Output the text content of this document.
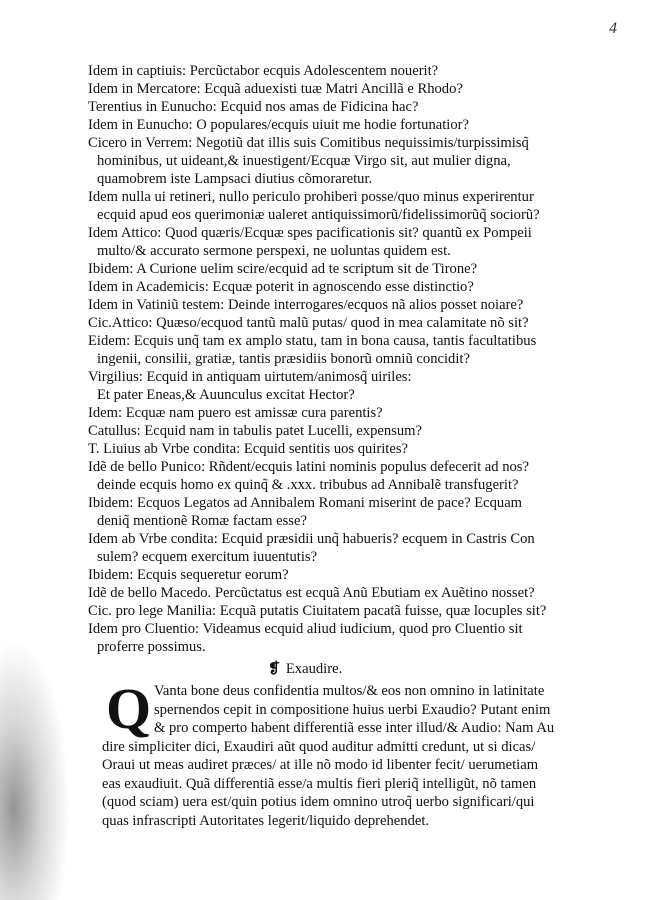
4
Idem in captiuis: Percũctabor ecquis Adolescentem nouerit?
Idem in Mercatore: Ecquã aduexisti tuæ Matri Ancillã e Rhodo?
Terentius in Eunucho: Ecquid nos amas de Fidicina hac?
Idem in Eunucho: O populares/ecquis uiuit me hodie fortunatior?
Cicero in Verrem: Negotiũ dat illis suis Comitibus nequissimis/turpissimisq̃
hominibus, ut uideant,& inuestigent/Ecquæ Virgo sit, aut mulier digna,
quamobrem iste Lampsaci diutius cõmoraretur.
Idem nulla ui retineri, nullo periculo prohiberi posse/quo minus experirentur
ecquid apud eos querimoniæ ualeret antiquissimorũ/fidelissimorũq̃ sociorũ?
Idem Attico: Quod quæris/Ecquæ spes pacificationis sit? quantũ ex Pompeii
multo/& accurato sermone perspexi, ne uoluntas quidem est.
Ibidem: A Curione uelim scire/ecquid ad te scriptum sit de Tirone?
Idem in Academicis: Ecquæ poterit in agnoscendo esse distinctio?
Idem in Vatiniũ testem: Deinde interrogares/ecquos nã alios posset noiare?
Cic.Attico: Quæso/ecquod tantũ malũ putas/ quod in mea calamitate nõ sit?
Eidem: Ecquis unq̃ tam ex amplo statu, tam in bona causa, tantis facultatibus
ingenii, consilii, gratiæ, tantis præsidiis bonorũ omniũ concidit?
Virgilius: Ecquid in antiquam uirtutem/animosq̃ uiriles:
Et pater Eneas,& Auunculus excitat Hector?
Idem: Ecquæ nam puero est amissæ cura parentis?
Catullus: Ecquid nam in tabulis patet Lucelli, expensum?
T. Liuius ab Vrbe condita: Ecquid sentitis uos quirites?
Idẽ de bello Punico: Rñdent/ecquis latini nominis populus defecerit ad nos?
deinde ecquis homo ex quinq̃ & .xxx. tribubus ad Annibalẽ transfugerit?
Ibidem: Ecquos Legatos ad Annibalem Romani miserint de pace? Ecquam
deniq̃ mentionẽ Romæ factam esse?
Idem ab Vrbe condita: Ecquid præsidii unq̃ habueris? ecquem in Castris Con
sulem? ecquem exercitum iuuentutis?
Ibidem: Ecquis sequeretur eorum?
Idẽ de bello Macedo. Percũctatus est ecquã Anũ Ebutiam ex Auẽtino nosset?
Cic. pro lege Manilia: Ecquã putatis Ciuitatem pacatã fuisse, quæ locuples sit?
Idem pro Cluentio: Videamus ecquid aliud iudicium, quod pro Cluentio sit
proferre possimus.
❡ Exaudire.
Q Vanta bone deus confidentia multos/& eos non omnino in latinitate
spernendos cepit in compositione huius uerbi Exaudio? Putant enim
& pro comperto habent differentiã esse inter illud/& Audio: Nam Au
dire simpliciter dici, Exaudiri aũt quod auditur admitti credunt, ut si dicas/
Oraui ut meas audiret præces/ at ille nõ modo id libenter fecit/ uerumetiam
eas exaudiuit. Quã differentiã esse/a multis fieri pleriq̃ intelligũt, nõ tamen
(quod sciam) uera est/quin potius idem omnino utroq̃ uerbo significari/qui
quas infrascripti Autoritates legerit/liquido deprehendet.
